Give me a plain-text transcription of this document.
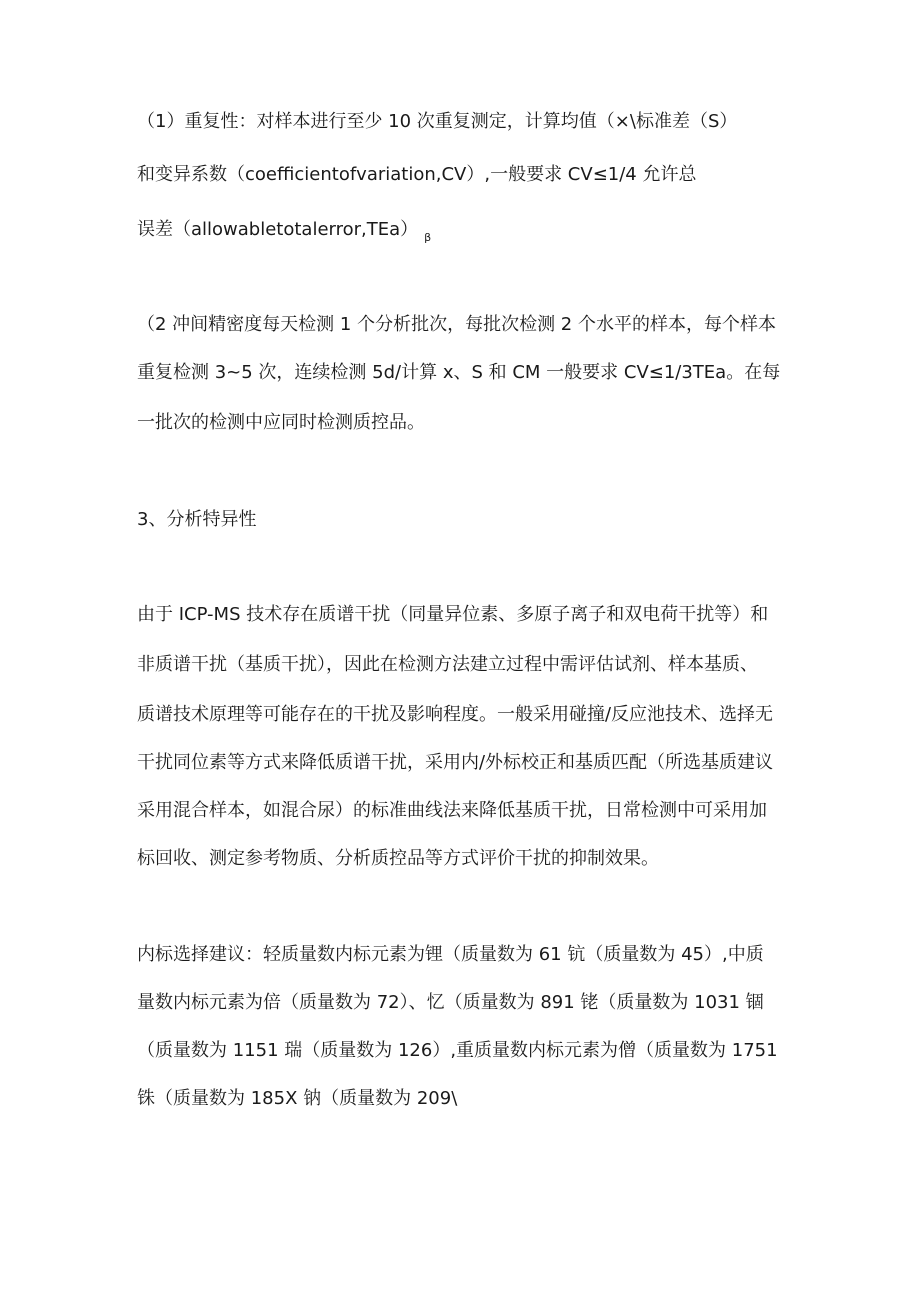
（1）重复性：对样本进行至少 10 次重复测定，计算均值（×\标准差（S）
和变异系数（coefficientofvariation,CV）,一般要求 CV≤1/4 允许总
误差（allowabletotalerror,TEa） $_\beta$
（2 冲间精密度每天检测 1 个分析批次，每批次检测 2 个水平的样本，每个样本
重复检测 3~5 次，连续检测 5d/计算 x、S 和 CM 一般要求 CV≤1/3TEa。在每
一批次的检测中应同时检测质控品。
3、分析特异性
由于 ICP-MS 技术存在质谱干扰（同量异位素、多原子离子和双电荷干扰等）和
非质谱干扰（基质干扰），因此在检测方法建立过程中需评估试剂、样本基质、
质谱技术原理等可能存在的干扰及影响程度。一般采用碰撞/反应池技术、选择无
干扰同位素等方式来降低质谱干扰，采用内/外标校正和基质匹配（所选基质建议
采用混合样本，如混合尿）的标准曲线法来降低基质干扰，日常检测中可采用加
标回收、测定参考物质、分析质控品等方式评价干扰的抑制效果。
内标选择建议：轻质量数内标元素为锂（质量数为 61 钪（质量数为 45）,中质
量数内标元素为倍（质量数为 72）、忆（质量数为 891 铑（质量数为 1031 锢
（质量数为 1151 瑞（质量数为 126）,重质量数内标元素为僧（质量数为 1751
铢（质量数为 185X 钠（质量数为 209\
